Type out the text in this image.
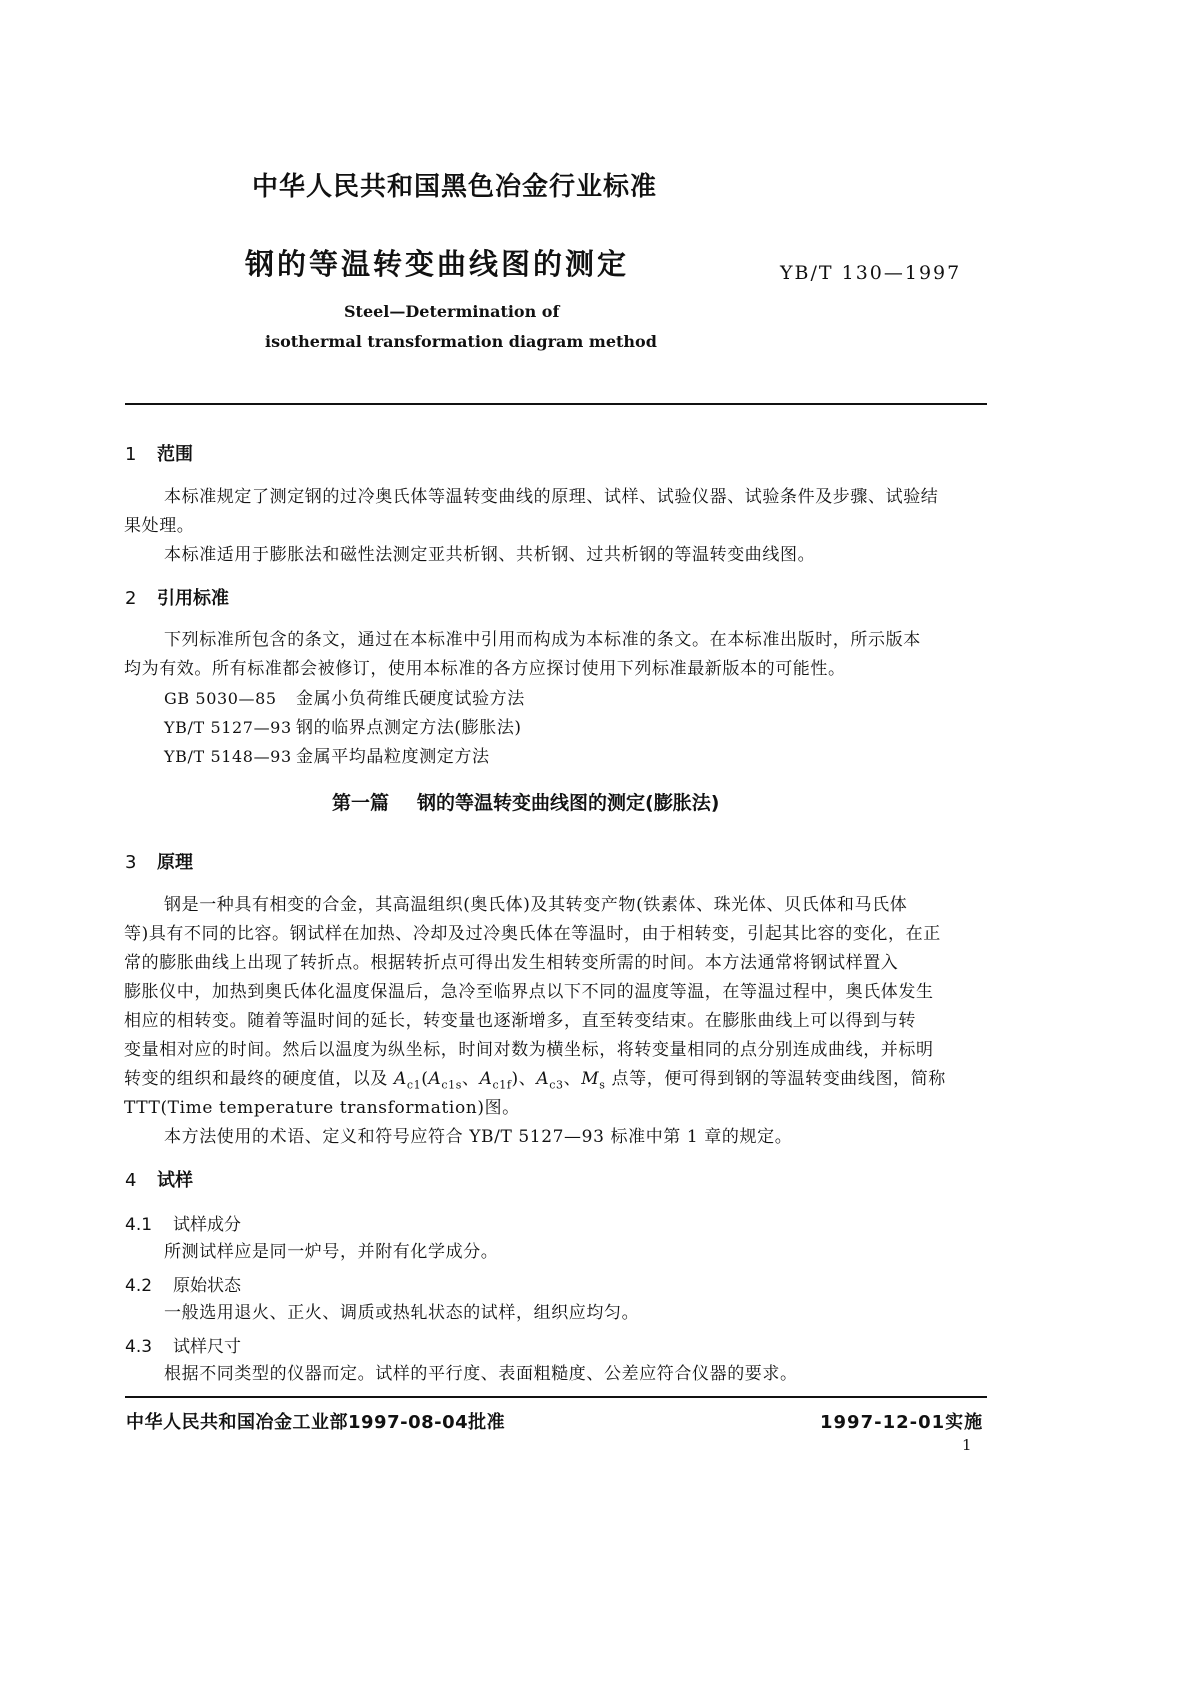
中华人民共和国黑色冶金行业标准
钢的等温转变曲线图的测定	YB/T 130—1997
Steel—Determination of
isothermal transformation diagram method
1 范围
本标准规定了测定钢的过冷奥氏体等温转变曲线的原理、试样、试验仪器、试验条件及步骤、试验结
果处理。
本标准适用于膨胀法和磁性法测定亚共析钢、共析钢、过共析钢的等温转变曲线图。
2 引用标准
下列标准所包含的条文，通过在本标准中引用而构成为本标准的条文。在本标准出版时，所示版本
均为有效。所有标准都会被修订，使用本标准的各方应探讨使用下列标准最新版本的可能性。
GB 5030—85 金属小负荷维氏硬度试验方法
YB/T 5127—93 钢的临界点测定方法(膨胀法)
YB/T 5148—93 金属平均晶粒度测定方法
第一篇 钢的等温转变曲线图的测定(膨胀法)
3 原理
钢是一种具有相变的合金，其高温组织(奥氏体)及其转变产物(铁素体、珠光体、贝氏体和马氏体
等)具有不同的比容。钢试样在加热、冷却及过冷奥氏体在等温时，由于相转变，引起其比容的变化，在正
常的膨胀曲线上出现了转折点。根据转折点可得出发生相转变所需的时间。本方法通常将钢试样置入
膨胀仪中，加热到奥氏体化温度保温后，急冷至临界点以下不同的温度等温，在等温过程中，奥氏体发生
相应的相转变。随着等温时间的延长，转变量也逐渐增多，直至转变结束。在膨胀曲线上可以得到与转
变量相对应的时间。然后以温度为纵坐标，时间对数为横坐标，将转变量相同的点分别连成曲线，并标明
转变的组织和最终的硬度值，以及 $A_{c1}(A_{c1s}$、$A_{c1f}$)、$A_{c3}$、$M_s$ 点等，便可得到钢的等温转变曲线图，简称
TTT(Time temperature transformation)图。
本方法使用的术语、定义和符号应符合 YB/T 5127—93 标准中第 1 章的规定。
4 试样
4.1 试样成分
所测试样应是同一炉号，并附有化学成分。
4.2 原始状态
一般选用退火、正火、调质或热轧状态的试样，组织应均匀。
4.3 试样尺寸
根据不同类型的仪器而定。试样的平行度、表面粗糙度、公差应符合仪器的要求。
中华人民共和国冶金工业部1997-08-04批准	1997-12-01实施
1
